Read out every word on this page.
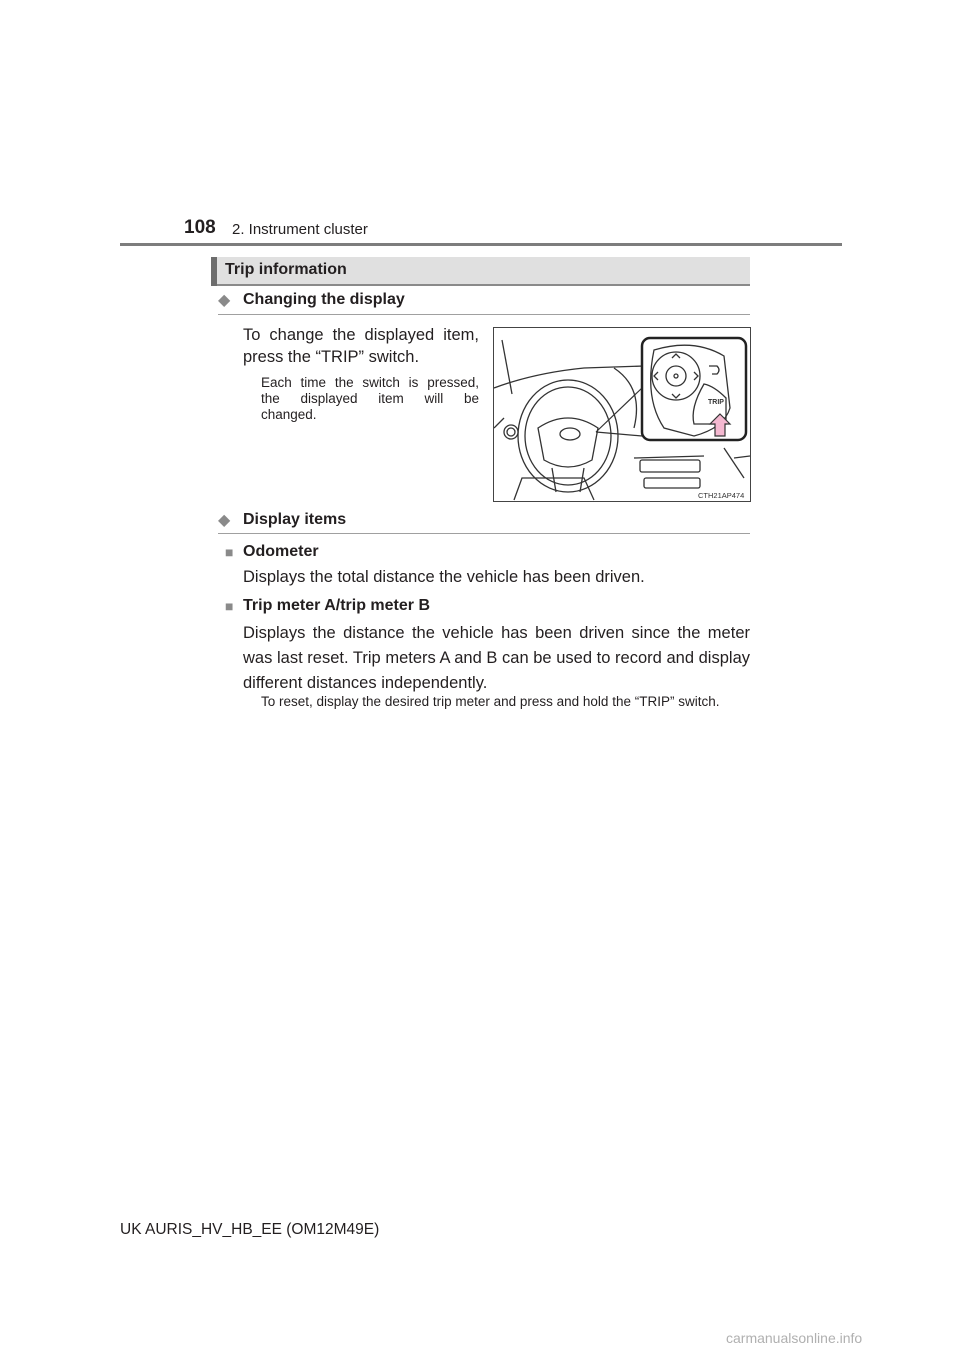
108 2. Instrument cluster
Trip information
◆ Changing the display
To change the displayed item,
press the “TRIP” switch.
Each time the switch is pressed,
the displayed item will be
changed.
TRIP
CTH21AP474
◆ Display items
■ Odometer
Displays the total distance the vehicle has been driven.
■ Trip meter A/trip meter B
Displays the distance the vehicle has been driven since the meter was last reset. Trip meters A and B can be used to record and display different distances independently.
To reset, display the desired trip meter and press and hold the “TRIP” switch.
UK AURIS_HV_HB_EE (OM12M49E)
carmanualsonline.info
